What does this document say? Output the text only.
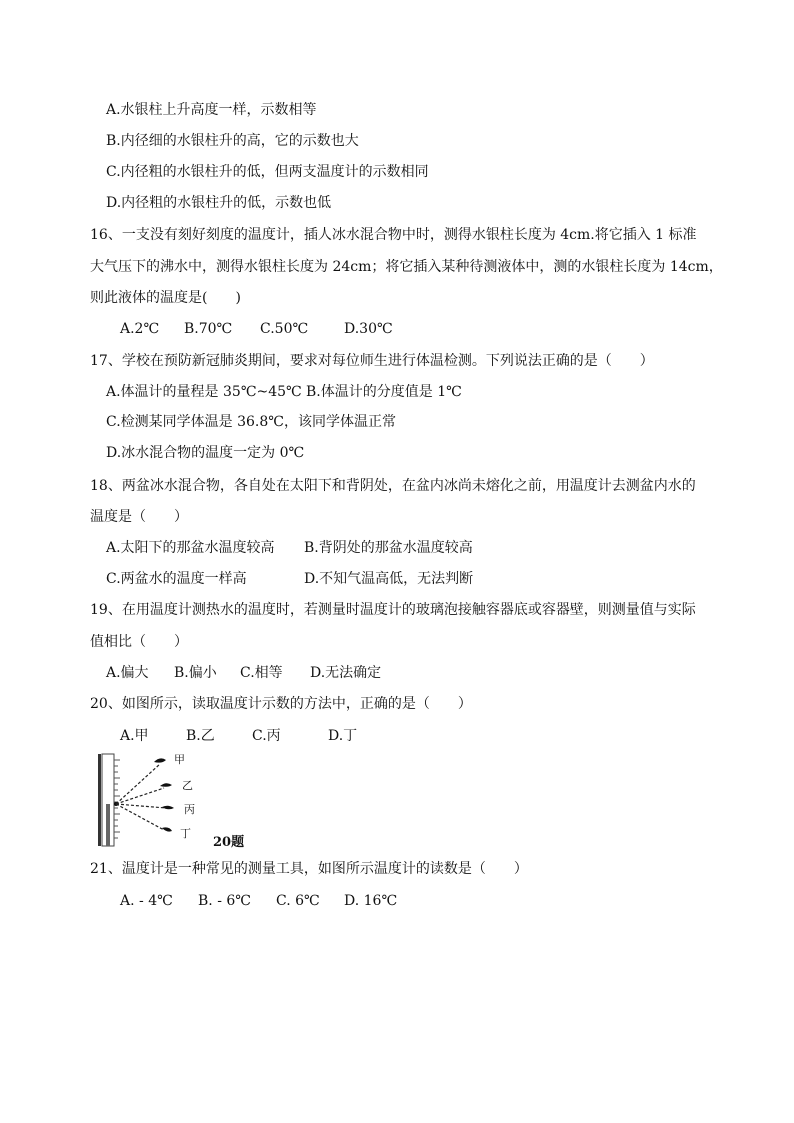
A.水银柱上升高度一样，示数相等
B.内径细的水银柱升的高，它的示数也大
C.内径粗的水银柱升的低，但两支温度计的示数相同
D.内径粗的水银柱升的低，示数也低
16、一支没有刻好刻度的温度计，插人冰水混合物中时，测得水银柱长度为 4cm.将它插入 1 标准
大气压下的沸水中，测得水银柱长度为 24cm；将它插入某种待测液体中，测的水银柱长度为 14cm，
则此液体的温度是(　　)
A.2℃ B.70℃ C.50℃	D.30℃
17、学校在预防新冠肺炎期间，要求对每位师生进行体温检测。下列说法正确的是（　　）
A.体温计的量程是 35℃~45℃ B.体温计的分度值是 1℃
C.检测某同学体温是 36.8℃，该同学体温正常
D.冰水混合物的温度一定为 0℃
18、两盆冰水混合物，各自处在太阳下和背阴处，在盆内冰尚未熔化之前，用温度计去测盆内水的
温度是（　　）
A.太阳下的那盆水温度较高 B.背阴处的那盆水温度较高
C.两盆水的温度一样高	D.不知气温高低，无法判断
19、在用温度计测热水的温度时，若测量时温度计的玻璃泡接触容器底或容器壁，则测量值与实际
值相比（　　）
A.偏大 B.偏小 C.相等 D.无法确定
20、如图所示，读取温度计示数的方法中，正确的是（　　）
A.甲	B.乙	C.丙	D.丁
甲
乙
丙
丁
20题
21、温度计是一种常见的测量工具，如图所示温度计的读数是（　　）
A. - 4℃ B. - 6℃ C. 6℃ D. 16℃
